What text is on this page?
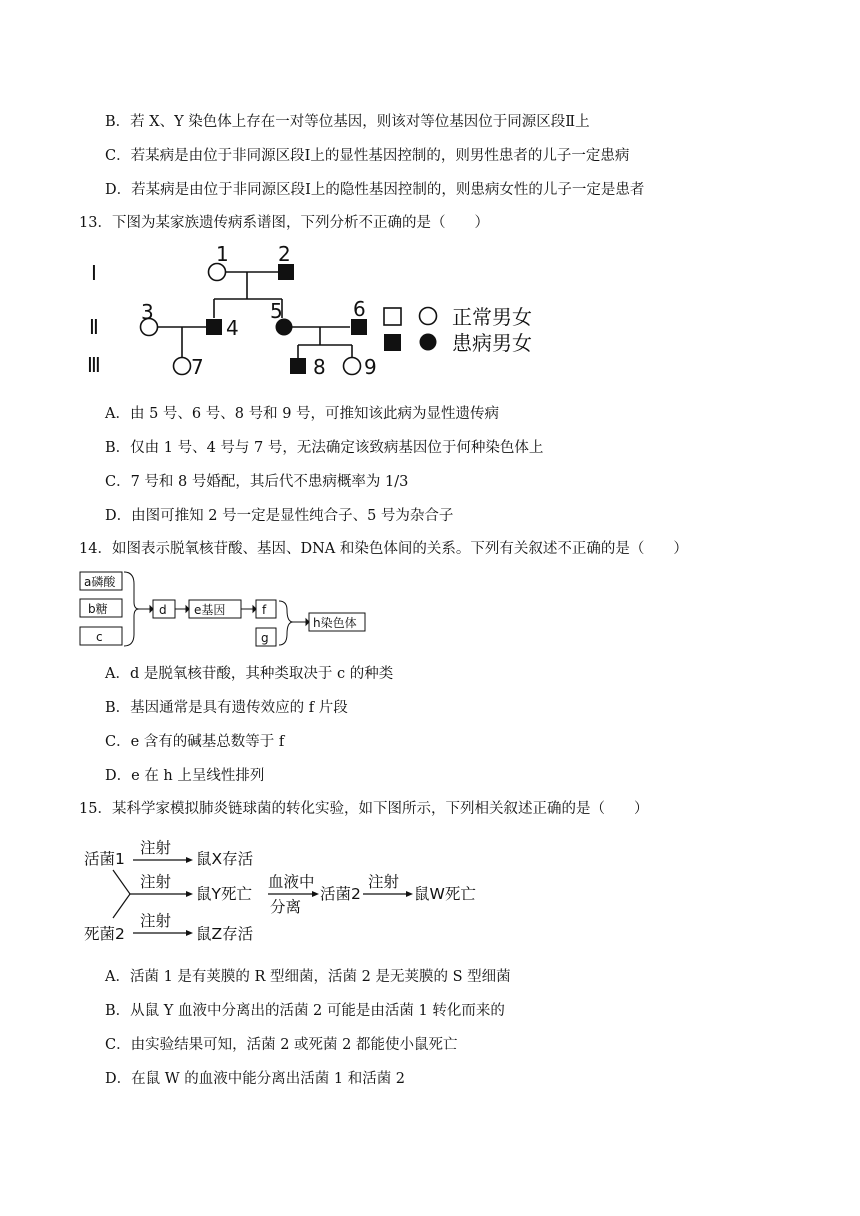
B．若 X、Y 染色体上存在一对等位基因，则该对等位基因位于同源区段Ⅱ上
C．若某病是由位于非同源区段Ⅰ上的显性基因控制的，则男性患者的儿子一定患病
D．若某病是由位于非同源区段Ⅰ上的隐性基因控制的，则患病女性的儿子一定是患者
13．下图为某家族遗传病系谱图，下列分析不正确的是（　　）
Ⅰ
Ⅱ
Ⅲ
1 2
3
4
5	6
7	8 9
正常男女
患病男女
A．由 5 号、6 号、8 号和 9 号，可推知该此病为显性遗传病
B．仅由 1 号、4 号与 7 号，无法确定该致病基因位于何种染色体上
C．7 号和 8 号婚配，其后代不患病概率为 1/3
D．由图可推知 2 号一定是显性纯合子、5 号为杂合子
14．如图表示脱氧核苷酸、基因、DNA 和染色体间的关系。下列有关叙述不正确的是（　　）
a磷酸
b糖
c
d e基因	f
g
h染色体
A．d 是脱氧核苷酸，其种类取决于 c 的种类
B．基因通常是具有遗传效应的 f 片段
C．e 含有的碱基总数等于 f
D．e 在 h 上呈线性排列
15．某科学家模拟肺炎链球菌的转化实验，如下图所示，下列相关叙述正确的是（　　）
活菌1
死菌2
注射
注射
注射
注射
鼠X存活
鼠Y死亡
血液中
分离
活菌2	鼠W死亡
鼠Z存活
A．活菌 1 是有荚膜的 R 型细菌，活菌 2 是无荚膜的 S 型细菌
B．从鼠 Y 血液中分离出的活菌 2 可能是由活菌 1 转化而来的
C．由实验结果可知，活菌 2 或死菌 2 都能使小鼠死亡
D．在鼠 W 的血液中能分离出活菌 1 和活菌 2
